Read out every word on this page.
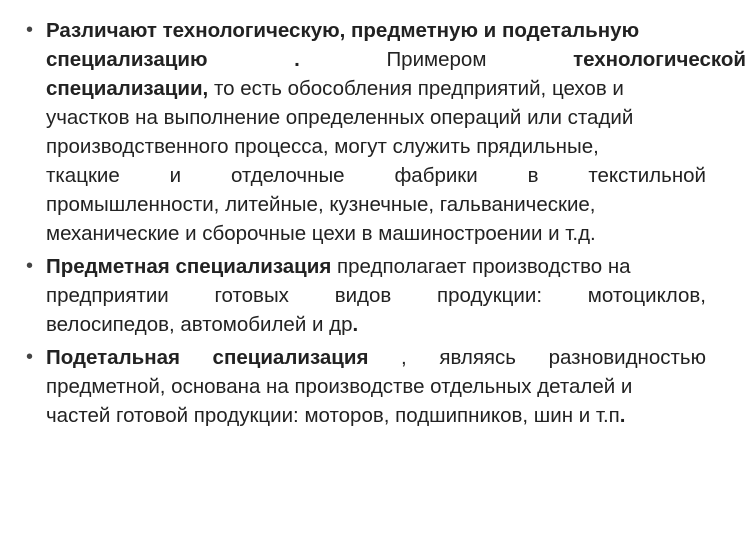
• Различают технологическую, предметную и подетальную
специализацию	.	Примером	технологической
специализации, то есть обособления предприятий, цехов и
участков на выполнение определенных операций или стадий
производственного процесса, могут служить прядильные,
ткацкие и отделочные фабрики в текстильной
промышленности, литейные, кузнечные, гальванические,
механические и сборочные цехи в машиностроении и т.д.
• Предметная специализация предполагает производство на
предприятии готовых видов продукции: мотоциклов,
велосипедов, автомобилей и др.
• Подетальная специализация , являясь разновидностью
предметной, основана на производстве отдельных деталей и
частей готовой продукции: моторов, подшипников, шин и т.п.
